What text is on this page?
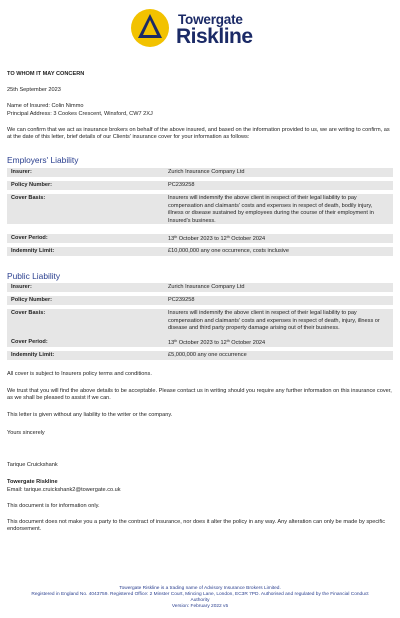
Towergate
Riskline
TO WHOM IT MAY CONCERN
25th September 2023
Name of Insured: Colin Nimmo
Principal Address: 3 Cookes Crescent, Winsford, CW7 2XJ
We can confirm that we act as insurance brokers on behalf of the above insured, and based on the information provided to us, we are writing to confirm, as at the date of this letter, brief details of our Clients' insurance cover for your information as follows:
Employers' Liability
Insurer:	Zurich Insurance Company Ltd
Policy Number:	PC239258
Cover Basis:	Insurers will indemnify the above client in respect of their legal liability to pay compensation and claimants' costs and expenses in respect of death, bodily injury, illness or disease sustained by employees during the course of their employment in Insured's business.
Cover Period:	13th October 2023 to 12th October 2024
Indemnity Limit:	£10,000,000 any one occurrence, costs inclusive
Public Liability
Insurer:	Zurich Insurance Company Ltd
Policy Number:	PC239258
Cover Basis:	Insurers will indemnify the above client in respect of their legal liability to pay compensation and claimants' costs and expenses in respect of death, injury, illness or disease and third party property damage arising out of their business.
Cover Period:	13th October 2023 to 12th October 2024
Indemnity Limit:	£5,000,000 any one occurrence
All cover is subject to Insurers policy terms and conditions.
We trust that you will find the above details to be acceptable. Please contact us in writing should you require any further information on this insurance cover, as we shall be pleased to assist if we can.
This letter is given without any liability to the writer or the company.
Yours sincerely
Tarique Cruickshank
Towergate Riskline
Email: tarique.cruickshank2@towergate.co.uk
This document is for information only.
This document does not make you a party to the contract of insurance, nor does it alter the policy in any way. Any alteration can only be made by specific endorsement.
Towergate Riskline is a trading name of Advisory Insurance Brokers Limited.
Registered in England No. 4043759. Registered Office: 2 Minster Court, Mincing Lane, London, EC3R 7PD. Authorised and regulated by the Financial Conduct Authority
Version: February 2022 v5
